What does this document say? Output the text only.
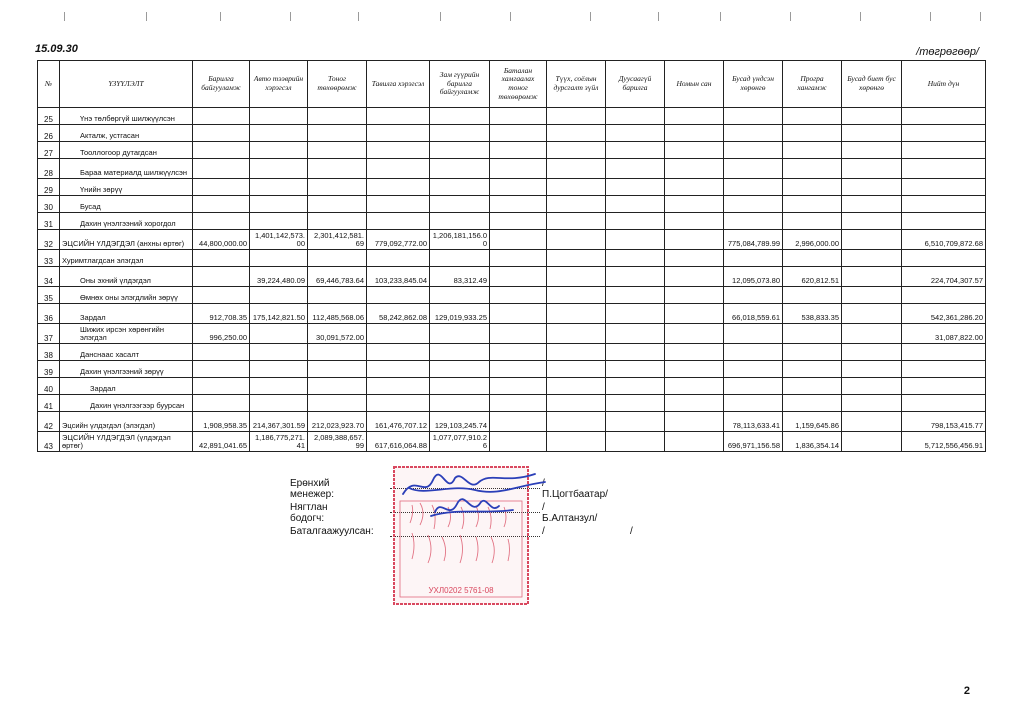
15.09.30	/төгрөгөөр/
№	ҮЗҮҮЛЭЛТ	Барилга байгууламж	Авто тээврийн хэрэгсэл	Тоног төхөөрөмж	Тавилга хэрэгсэл	Зам гүүрийн барилга байгууламж	Баталан хамгаалах тоног төхөөрөмж	Түүх, соёлын дурсгалт зүйл	Дуусаагүй барилга	Номын сан	Бусад үндсэн хөрөнгө	Програ хангамж	Бусад биет бус хөрөнгө	Нийт дүн
25	Үнэ төлбөргүй шилжүүлсэн													
26	Акталж, устгасан													
27	Тооллогоор дутагдсан													
28	Бараа материалд шилжүүлсэн													
29	Үнийн зөрүү													
30	Бусад													
31	Дахин үнэлгээний хорогдол													
32	ЭЦСИЙН ҮЛДЭГДЭЛ (анхны өртөг)	44,800,000.00	1,401,142,573.00	2,301,412,581.69	779,092,772.00	1,206,181,156.00					775,084,789.99	2,996,000.00		6,510,709,872.68
33	Хуримтлагдсан элэгдэл													
34	Оны эхний үлдэгдэл		39,224,480.09	69,446,783.64	103,233,845.04	83,312.49					12,095,073.80	620,812.51		224,704,307.57
35	Өмнөх оны элэгдлийн зөрүү													
36	Зардал	912,708.35	175,142,821.50	112,485,568.06	58,242,862.08	129,019,933.25					66,018,559.61	538,833.35		542,361,286.20
37	Шижих ирсэн хөрөнгийн элэгдэл	996,250.00		30,091,572.00										31,087,822.00
38	Данснаас хасалт													
39	Дахин үнэлгээний зөрүү													
40	Зардал													
41	Дахин үнэлгээгээр буурсан													
42	Эцсийн үлдэгдэл (элэгдэл)	1,908,958.35	214,367,301.59	212,023,923.70	161,476,707.12	129,103,245.74					78,113,633.41	1,159,645.86		798,153,415.77
43	ЭЦСИЙН ҮЛДЭГДЭЛ (үлдэгдэл өртөг)	42,891,041.65	1,186,775,271.41	2,089,388,657.99	617,616,064.88	1,077,077,910.26					696,971,156.58	1,836,354.14		5,712,556,456.91
Ерөнхий менежер:
/П.Цогтбаатар/
Нягтлан бодогч:
/Б.Алтанзул/
Баталгаажуулсан:	/	/
УХЛ0202 5761-08
2
